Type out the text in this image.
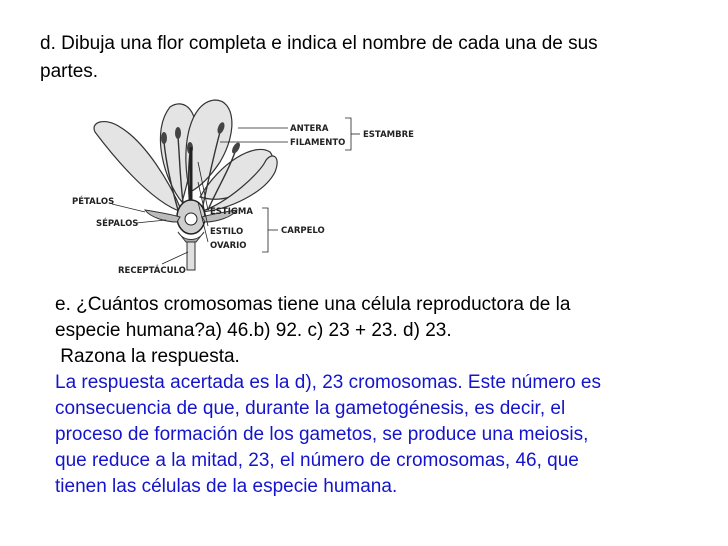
d. Dibuja una flor completa e indica el nombre de cada una de sus
partes.
ANTERA
FILAMENTO
ESTAMBRE
PÉTALOS
SÉPALOS
ESTIGMA
ESTILO
OVARIO
CARPELO
RECEPTÁCULO
e. ¿Cuántos cromosomas tiene una célula reproductora de la
especie humana?a) 46.b) 92. c) 23 + 23. d) 23.
Razona la respuesta.
La respuesta acertada es la d), 23 cromosomas. Este número es
consecuencia de que, durante la gametogénesis, es decir, el
proceso de formación de los gametos, se produce una meiosis,
que reduce a la mitad, 23, el número de cromosomas, 46, que
tienen las células de la especie humana.
